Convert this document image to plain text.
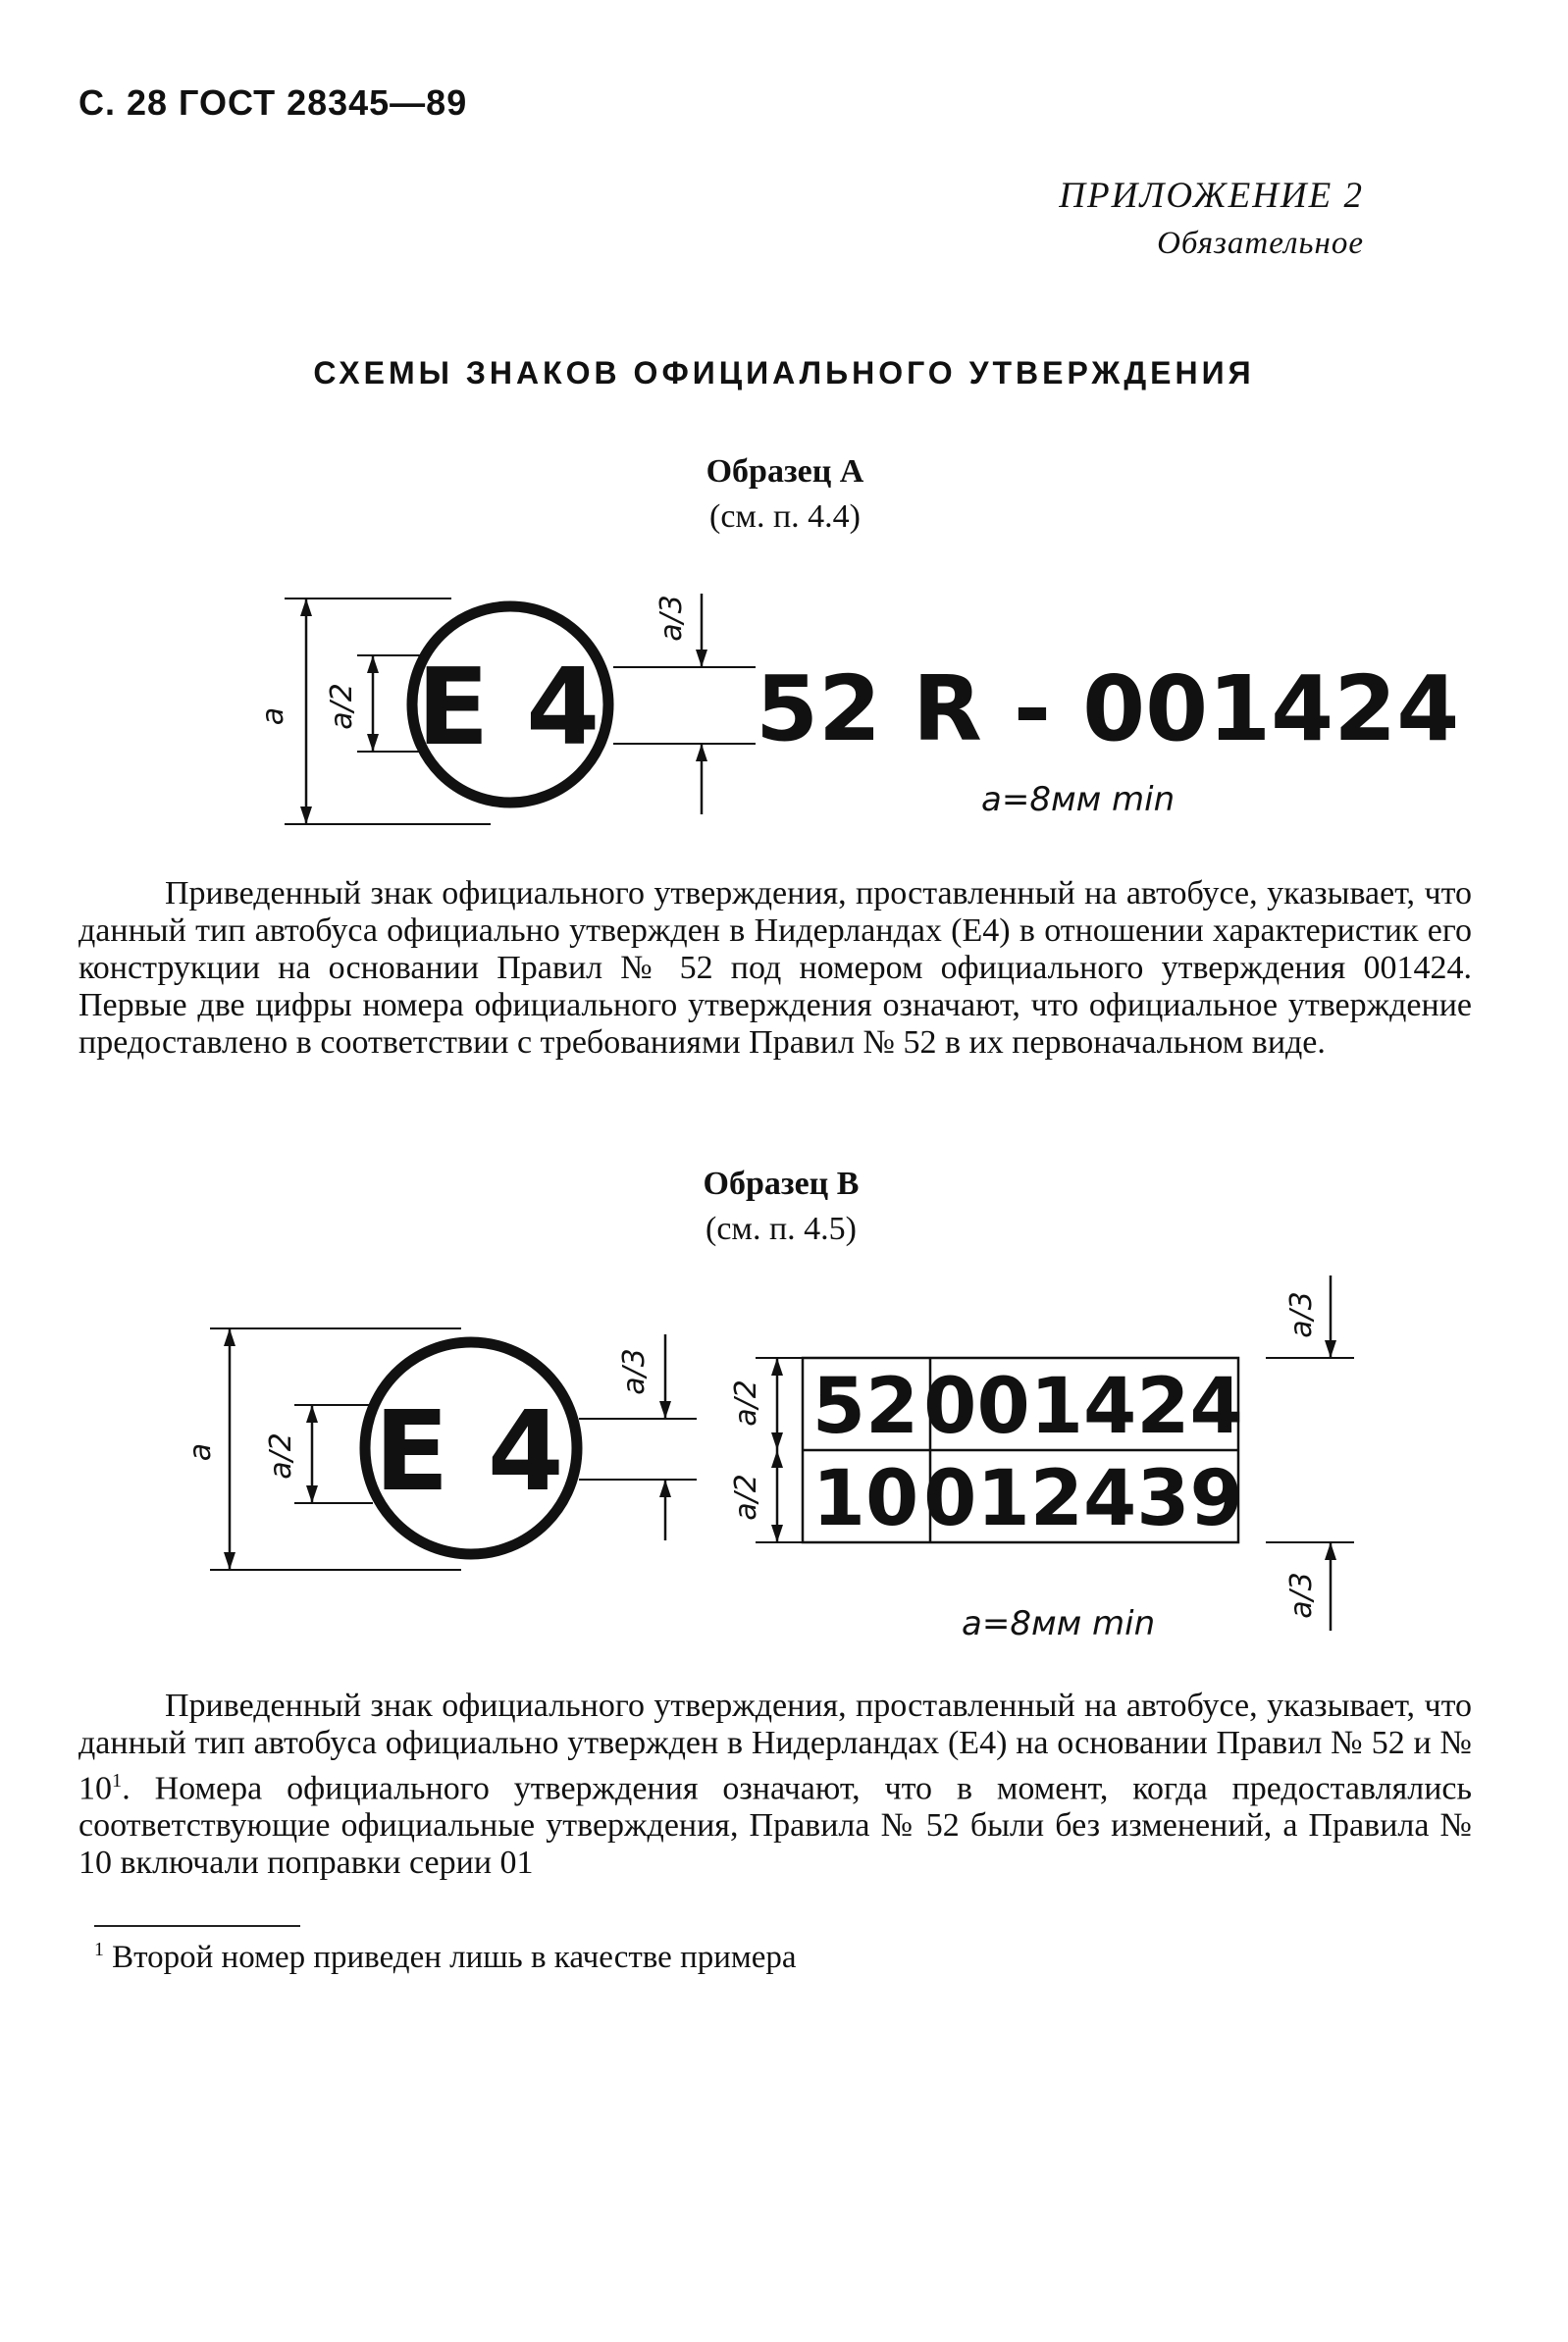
С. 28 ГОСТ 28345—89
ПРИЛОЖЕНИЕ 2
Обязательное
СХЕМЫ ЗНАКОВ ОФИЦИАЛЬНОГО УТВЕРЖДЕНИЯ
Образец А
(см. п. 4.4)
E 4 52 R - 001424
a a/2
a/3
a=8мм min
Приведенный знак официального утверждения, проставленный на автобусе, указывает, что данный тип автобуса официально утвержден в Нидерландах (Е4) в отношении характеристик его конструкции на основании Правил № 52 под номером официального утверждения 001424. Первые две цифры номера официального утверждения означают, что официальное утверждение предоставлено в соответствии с требованиями Правил № 52 в их первоначальном виде.
Образец В
(см. п. 4.5)
E 4
a a/2
a/3
a/2
a/2
52 001424
10 012439
a/3
a/3
a=8мм min
Приведенный знак официального утверждения, проставленный на автобусе, указывает, что данный тип автобуса официально утвержден в Нидерландах (Е4) на основании Правил № 52 и № $10^1$. Номера официального утверждения означают, что в момент, когда предоставлялись соответствующие официальные утверждения, Правила № 52 были без изменений, а Правила № 10 включали поправки серии 01
$^1$ Второй номер приведен лишь в качестве примера
